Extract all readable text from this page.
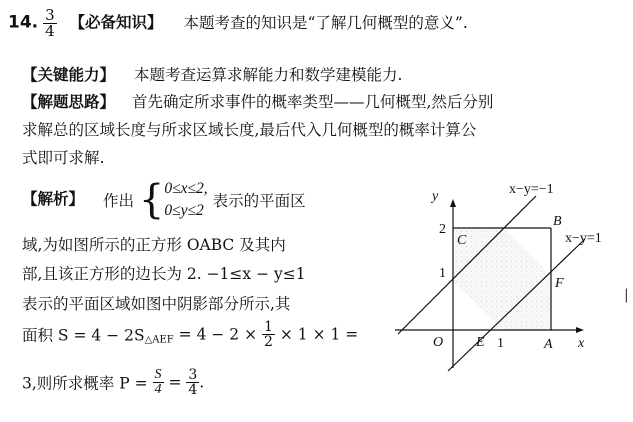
14. $\frac{3}{4}$ 【必备知识】 本题考查的知识是“了解几何概型的意义”.
【关键能力】 本题考查运算求解能力和数学建模能力.
【解题思路】 首先确定所求事件的概率类型——几何概型,然后分别
求解总的区域长度与所求区域长度,最后代入几何概型的概率计算公
式即可求解.
【解析】 作出 { 0≤x≤2,
0≤y≤2
表示的平面区
域,为如图所示的正方形 OABC 及其内
部,且该正方形的边长为 2. −1≤x − y≤1
表示的平面区域如图中阴影部分所示,其
面积 $S = 4 - 2S_{\triangle AEF} = 4 - 2 \times \frac{1}{2} \times 1 \times 1$ =
3,则所求概率 $P = \frac{S}{4} = \frac{3}{4}$ .
x−y=−1
x−y=1
y
x
O	A
B
C
E
F
1
1
2
|
